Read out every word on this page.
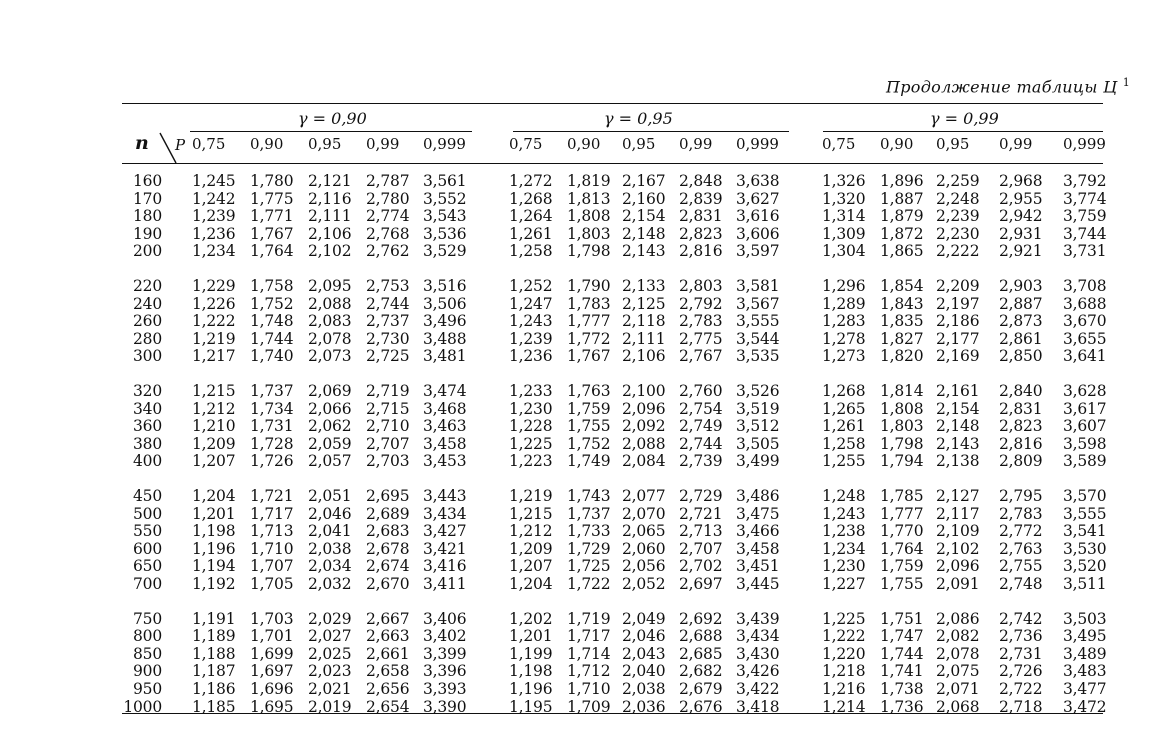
Продолжение таблицы Ц $^1$
γ = 0,90	γ = 0,95	γ = 0,99
n P 0,75 0,90 0,95 0,99 0,999	0,75 0,90 0,95 0,99 0,999	0,75 0,90 0,95 0,99 0,999
160 1,245 1,780 2,121 2,787 3,561	1,272 1,819 2,167 2,848 3,638	1,326 1,896 2,259 2,968 3,792
170 1,242 1,775 2,116 2,780 3,552	1,268 1,813 2,160 2,839 3,627	1,320 1,887 2,248 2,955 3,774
180 1,239 1,771 2,111 2,774 3,543	1,264 1,808 2,154 2,831 3,616	1,314 1,879 2,239 2,942 3,759
190 1,236 1,767 2,106 2,768 3,536	1,261 1,803 2,148 2,823 3,606	1,309 1,872 2,230 2,931 3,744
200 1,234 1,764 2,102 2,762 3,529	1,258 1,798 2,143 2,816 3,597	1,304 1,865 2,222 2,921 3,731
220 1,229 1,758 2,095 2,753 3,516	1,252 1,790 2,133 2,803 3,581	1,296 1,854 2,209 2,903 3,708
240 1,226 1,752 2,088 2,744 3,506	1,247 1,783 2,125 2,792 3,567	1,289 1,843 2,197 2,887 3,688
260 1,222 1,748 2,083 2,737 3,496	1,243 1,777 2,118 2,783 3,555	1,283 1,835 2,186 2,873 3,670
280 1,219 1,744 2,078 2,730 3,488	1,239 1,772 2,111 2,775 3,544	1,278 1,827 2,177 2,861 3,655
300 1,217 1,740 2,073 2,725 3,481	1,236 1,767 2,106 2,767 3,535	1,273 1,820 2,169 2,850 3,641
320 1,215 1,737 2,069 2,719 3,474	1,233 1,763 2,100 2,760 3,526	1,268 1,814 2,161 2,840 3,628
340 1,212 1,734 2,066 2,715 3,468	1,230 1,759 2,096 2,754 3,519	1,265 1,808 2,154 2,831 3,617
360 1,210 1,731 2,062 2,710 3,463	1,228 1,755 2,092 2,749 3,512	1,261 1,803 2,148 2,823 3,607
380 1,209 1,728 2,059 2,707 3,458	1,225 1,752 2,088 2,744 3,505	1,258 1,798 2,143 2,816 3,598
400 1,207 1,726 2,057 2,703 3,453	1,223 1,749 2,084 2,739 3,499	1,255 1,794 2,138 2,809 3,589
450 1,204 1,721 2,051 2,695 3,443	1,219 1,743 2,077 2,729 3,486	1,248 1,785 2,127 2,795 3,570
500 1,201 1,717 2,046 2,689 3,434	1,215 1,737 2,070 2,721 3,475	1,243 1,777 2,117 2,783 3,555
550 1,198 1,713 2,041 2,683 3,427	1,212 1,733 2,065 2,713 3,466	1,238 1,770 2,109 2,772 3,541
600 1,196 1,710 2,038 2,678 3,421	1,209 1,729 2,060 2,707 3,458	1,234 1,764 2,102 2,763 3,530
650 1,194 1,707 2,034 2,674 3,416	1,207 1,725 2,056 2,702 3,451	1,230 1,759 2,096 2,755 3,520
700 1,192 1,705 2,032 2,670 3,411	1,204 1,722 2,052 2,697 3,445	1,227 1,755 2,091 2,748 3,511
750 1,191 1,703 2,029 2,667 3,406	1,202 1,719 2,049 2,692 3,439	1,225 1,751 2,086 2,742 3,503
800 1,189 1,701 2,027 2,663 3,402	1,201 1,717 2,046 2,688 3,434	1,222 1,747 2,082 2,736 3,495
850 1,188 1,699 2,025 2,661 3,399	1,199 1,714 2,043 2,685 3,430	1,220 1,744 2,078 2,731 3,489
900 1,187 1,697 2,023 2,658 3,396	1,198 1,712 2,040 2,682 3,426	1,218 1,741 2,075 2,726 3,483
950 1,186 1,696 2,021 2,656 3,393	1,196 1,710 2,038 2,679 3,422	1,216 1,738 2,071 2,722 3,477
1000 1,185 1,695 2,019 2,654 3,390	1,195 1,709 2,036 2,676 3,418	1,214 1,736 2,068 2,718 3,472
